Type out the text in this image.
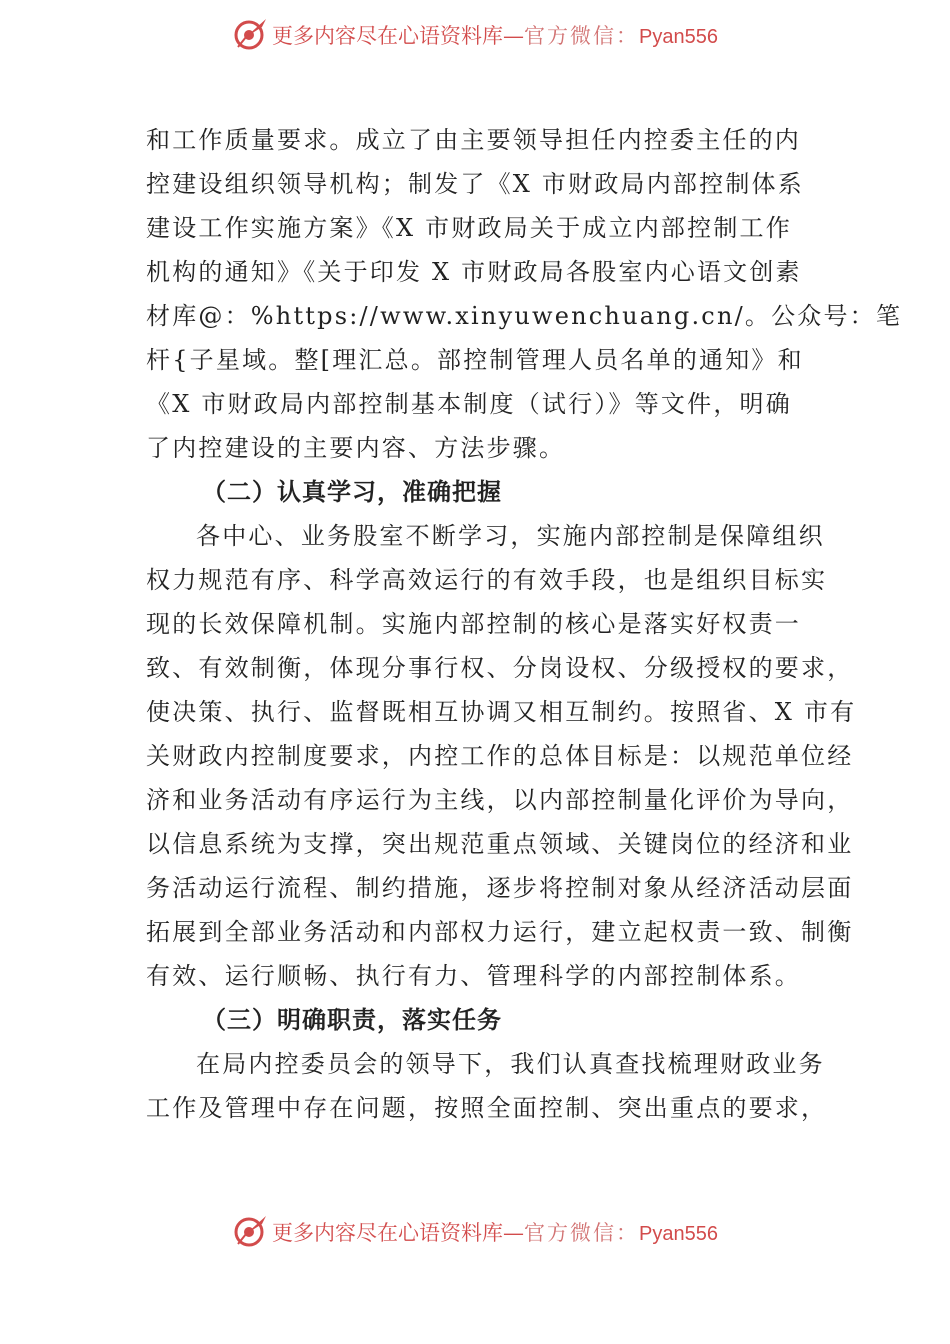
更多内容尽在心语资料库—官方微信：Pyan556
和工作质量要求。成立了由主要领导担任内控委主任的内
控建设组织领导机构；制发了《X 市财政局内部控制体系
建设工作实施方案》《X 市财政局关于成立内部控制工作
机构的通知》《关于印发 X 市财政局各股室内心语文创素
材库@：%https://www.xinyuwenchuang.cn/。公众号：笔
杆{子星域。整[理汇总。部控制管理人员名单的通知》和
《X 市财政局内部控制基本制度（试行）》等文件，明确
了内控建设的主要内容、方法步骤。
（二）认真学习，准确把握
各中心、业务股室不断学习，实施内部控制是保障组织
权力规范有序、科学高效运行的有效手段，也是组织目标实
现的长效保障机制。实施内部控制的核心是落实好权责一
致、有效制衡，体现分事行权、分岗设权、分级授权的要求，
使决策、执行、监督既相互协调又相互制约。按照省、X 市有
关财政内控制度要求，内控工作的总体目标是：以规范单位经
济和业务活动有序运行为主线，以内部控制量化评价为导向，
以信息系统为支撑，突出规范重点领域、关键岗位的经济和业
务活动运行流程、制约措施，逐步将控制对象从经济活动层面
拓展到全部业务活动和内部权力运行，建立起权责一致、制衡
有效、运行顺畅、执行有力、管理科学的内部控制体系。
（三）明确职责，落实任务
在局内控委员会的领导下，我们认真查找梳理财政业务
工作及管理中存在问题，按照全面控制、突出重点的要求，
更多内容尽在心语资料库—官方微信：Pyan556
